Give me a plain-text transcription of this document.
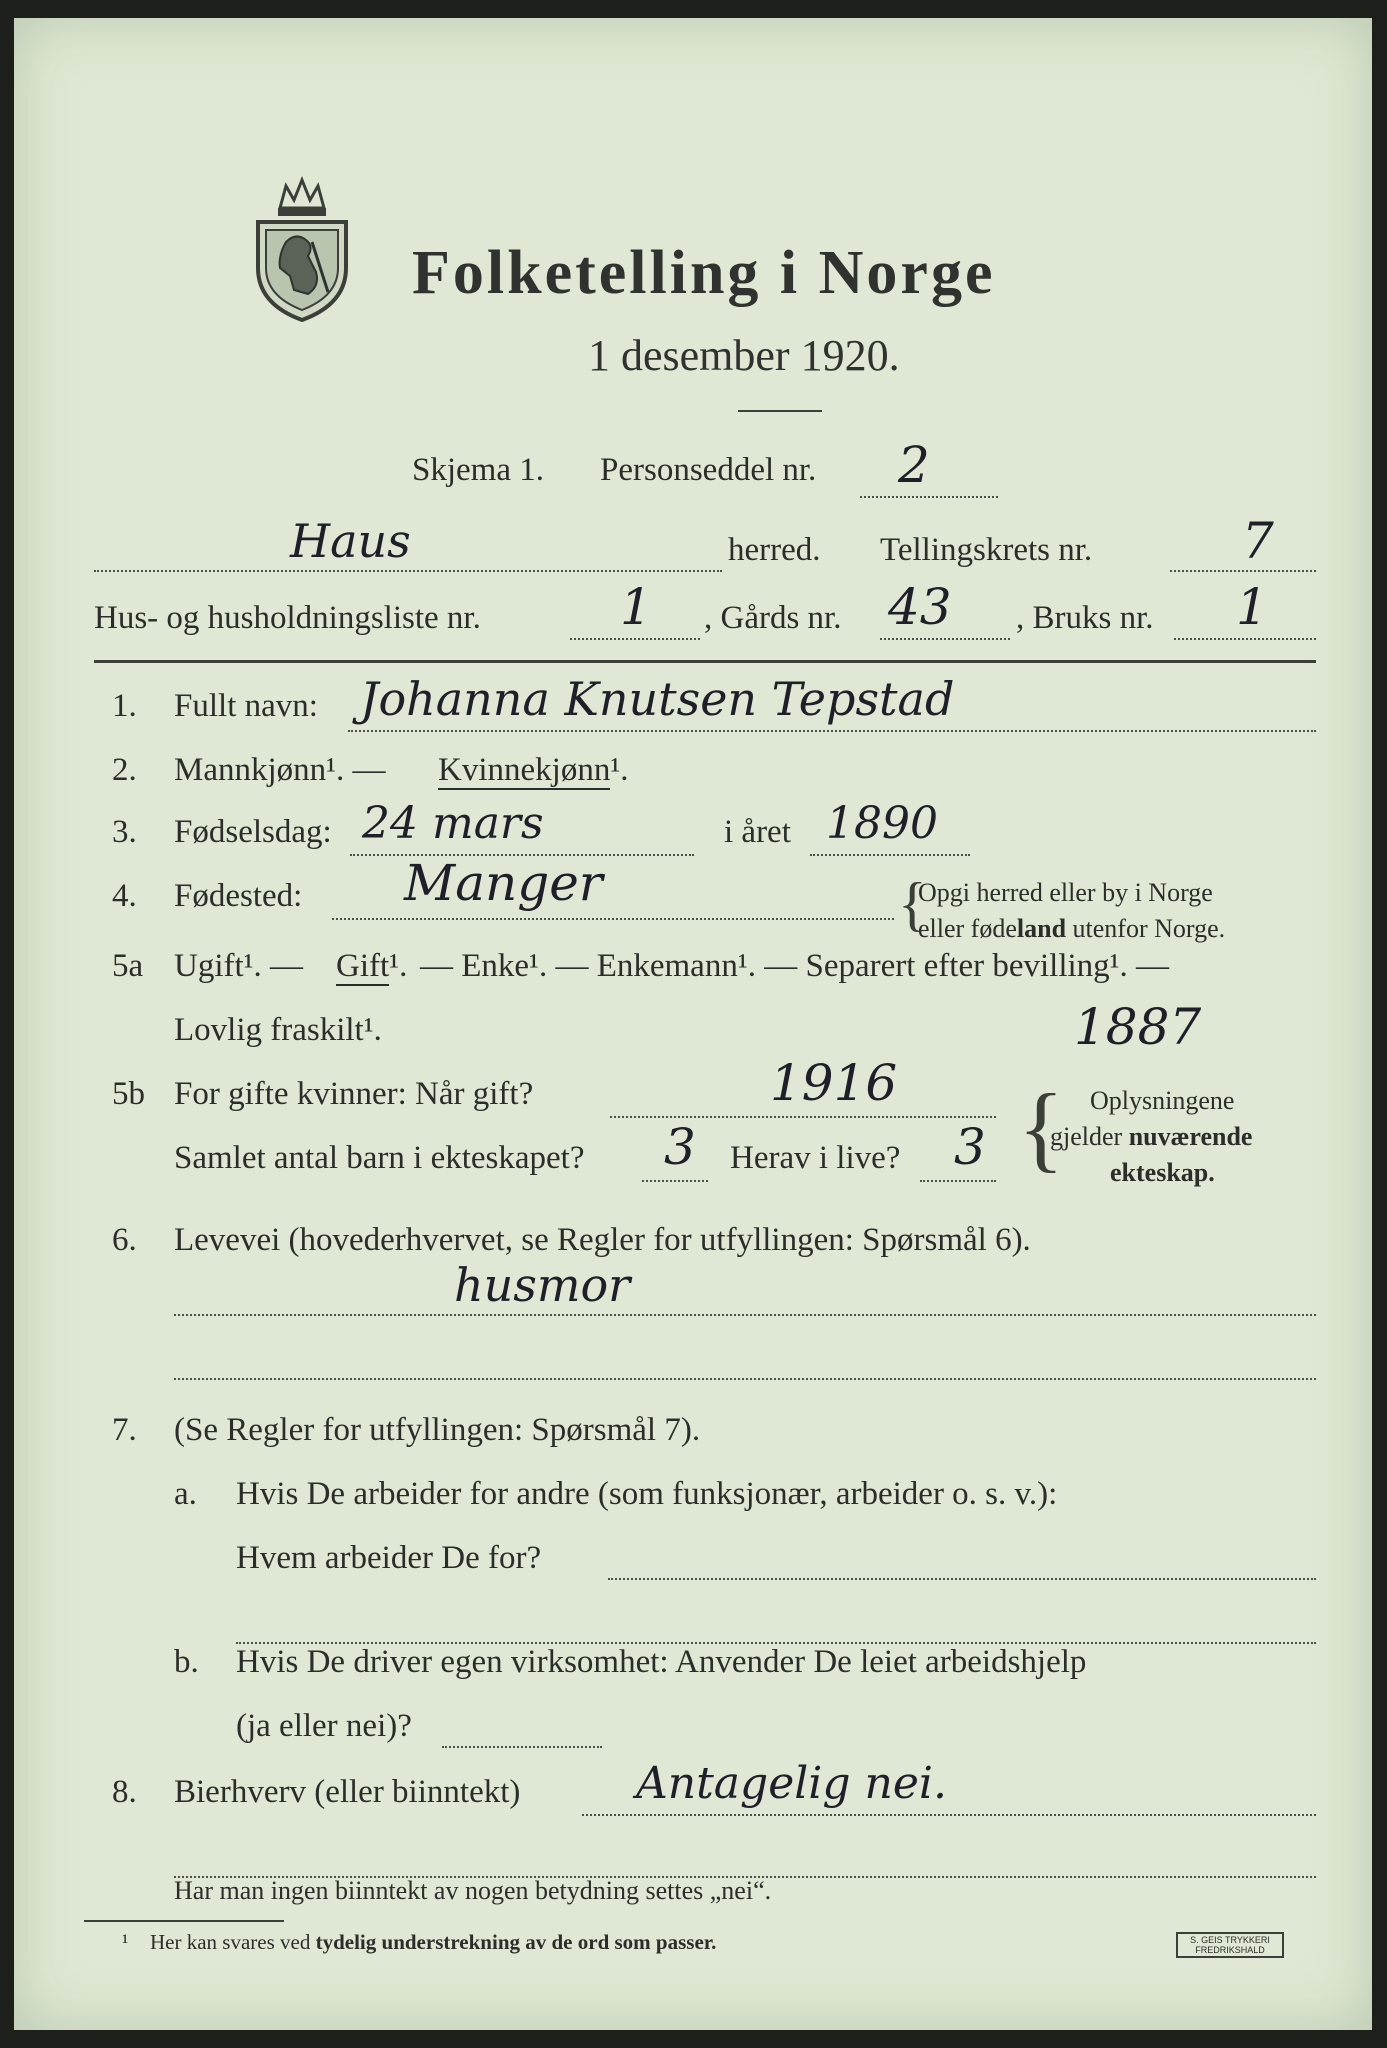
Folketelling i Norge
1 desember 1920.
Skjema 1. Personseddel nr. 2
Haus	herred. Tellingskrets nr.	7
Hus- og husholdningsliste nr.	1 , Gårds nr. 43 , Bruks nr. 1
1. Fullt navn: Johanna Knutsen Tepstad
2. Mannkjønn¹. — Kvinnekjønn¹.
3. Fødselsdag: 24 mars	i året 1890
4. Fødested: Manger	{
Opgi herred eller by i Norge
eller fødeland utenfor Norge.
5a Ugift¹. — Gift¹. — Enke¹. — Enkemann¹. — Separert efter bevilling¹. —
Lovlig fraskilt¹.	1887
5b For gifte kvinner: Når gift?	1916
Samlet antal barn i ekteskapet? 3 Herav i live? 3 { Oplysningene
gjelder nuværende
ekteskap.
6. Levevei (hovederhvervet, se Regler for utfyllingen: Spørsmål 6).
husmor
7. (Se Regler for utfyllingen: Spørsmål 7).
a. Hvis De arbeider for andre (som funksjonær, arbeider o. s. v.):
Hvem arbeider De for?
b. Hvis De driver egen virksomhet: Anvender De leiet arbeidshjelp
(ja eller nei)?
8. Bierhverv (eller biinntekt)	Antagelig nei.
Har man ingen biinntekt av nogen betydning settes „nei“.
¹ Her kan svares ved tydelig understrekning av de ord som passer.	S. GEIS TRYKKERI
FREDRIKSHALD
